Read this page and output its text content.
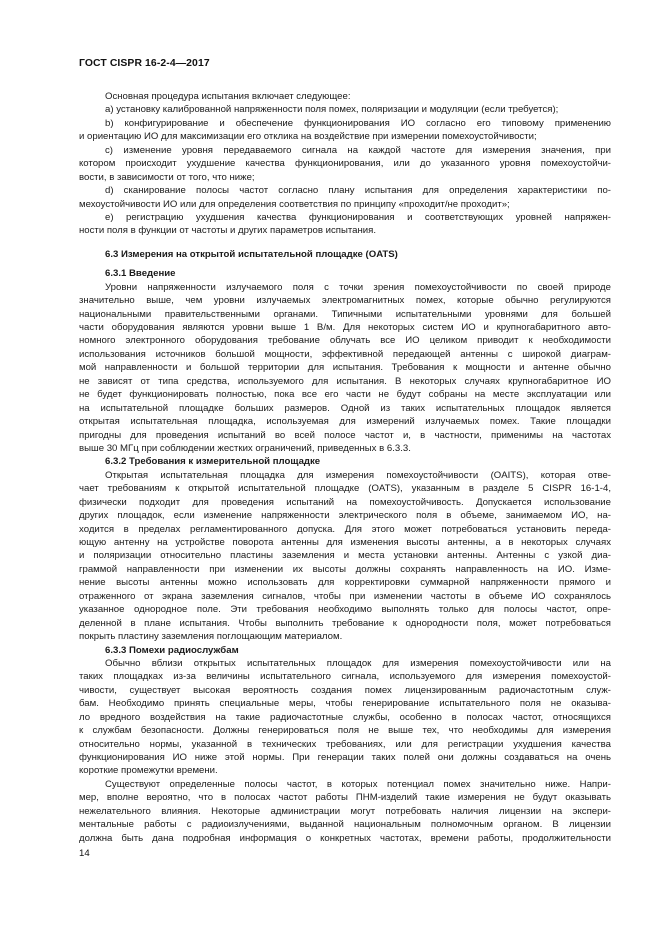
ГОСТ CISPR 16-2-4—2017
Основная процедура испытания включает следующее:
а) установку калиброванной напряженности поля помех, поляризации и модуляции (если требуется);
b) конфигурирование и обеспечение функционирования ИО согласно его типовому применению
и ориентацию ИО для максимизации его отклика на воздействие при измерении помехоустойчивости;
с) изменение уровня передаваемого сигнала на каждой частоте для измерения значения, при
котором происходит ухудшение качества функционирования, или до указанного уровня помехоустойчи-
вости, в зависимости от того, что ниже;
d) сканирование полосы частот согласно плану испытания для определения характеристики по-
мехоустойчивости ИО или для определения соответствия по принципу «проходит/не проходит»;
е) регистрацию ухудшения качества функционирования и соответствующих уровней напряжен-
ности поля в функции от частоты и других параметров испытания.
6.3 Измерения на открытой испытательной площадке (OATS)
6.3.1 Введение
Уровни напряженности излучаемого поля с точки зрения помехоустойчивости по своей природе
значительно выше, чем уровни излучаемых электромагнитных помех, которые обычно регулируются
национальными правительственными органами. Типичными испытательными уровнями для большей
части оборудования являются уровни выше 1 В/м. Для некоторых систем ИО и крупногабаритного авто-
номного электронного оборудования требование облучать все ИО целиком приводит к необходимости
использования источников большой мощности, эффективной передающей антенны с широкой диаграм-
мой направленности и большой территории для испытания. Требования к мощности и антенне обычно
не зависят от типа средства, используемого для испытания. В некоторых случаях крупногабаритное ИО
не будет функционировать полностью, пока все его части не будут собраны на месте эксплуатации или
на испытательной площадке больших размеров. Одной из таких испытательных площадок является
открытая испытательная площадка, используемая для измерений излучаемых помех. Такие площадки
пригодны для проведения испытаний во всей полосе частот и, в частности, применимы на частотах
выше 30 МГц при соблюдении жестких ограничений, приведенных в 6.3.3.
6.3.2 Требования к измерительной площадке
Открытая испытательная площадка для измерения помехоустойчивости (OAITS), которая отве-
чает требованиям к открытой испытательной площадке (OATS), указанным в разделе 5 CISPR 16-1-4,
физически подходит для проведения испытаний на помехоустойчивость. Допускается использование
других площадок, если изменение напряженности электрического поля в объеме, занимаемом ИО, на-
ходится в пределах регламентированного допуска. Для этого может потребоваться установить переда-
ющую антенну на устройстве поворота антенны для изменения высоты антенны, а в некоторых случаях
и поляризации относительно пластины заземления и места установки антенны. Антенны с узкой диа-
граммой направленности при изменении их высоты должны сохранять направленность на ИО. Изме-
нение высоты антенны можно использовать для корректировки суммарной напряженности прямого и
отраженного от экрана заземления сигналов, чтобы при изменении частоты в объеме ИО сохранялось
указанное однородное поле. Эти требования необходимо выполнять только для полосы частот, опре-
деленной в плане испытания. Чтобы выполнить требование к однородности поля, может потребоваться
покрыть пластину заземления поглощающим материалом.
6.3.3 Помехи радиослужбам
Обычно вблизи открытых испытательных площадок для измерения помехоустойчивости или на
таких площадках из-за величины испытательного сигнала, используемого для измерения помехоустой-
чивости, существует высокая вероятность создания помех лицензированным радиочастотным служ-
бам. Необходимо принять специальные меры, чтобы генерирование испытательного поля не оказыва-
ло вредного воздействия на такие радиочастотные службы, особенно в полосах частот, относящихся
к службам безопасности. Должны генерироваться поля не выше тех, что необходимы для измерения
относительно нормы, указанной в технических требованиях, или для регистрации ухудшения качества
функционирования ИО ниже этой нормы. При генерации таких полей они должны создаваться на очень
короткие промежутки времени.
Существуют определенные полосы частот, в которых потенциал помех значительно ниже. Напри-
мер, вполне вероятно, что в полосах частот работы ПНМ-изделий такие измерения не будут оказывать
нежелательного влияния. Некоторые администрации могут потребовать наличия лицензии на экспери-
ментальные работы с радиоизлучениями, выданной национальным полномочным органом. В лицензии
должна быть дана подробная информация о конкретных частотах, времени работы, продолжительности
14
